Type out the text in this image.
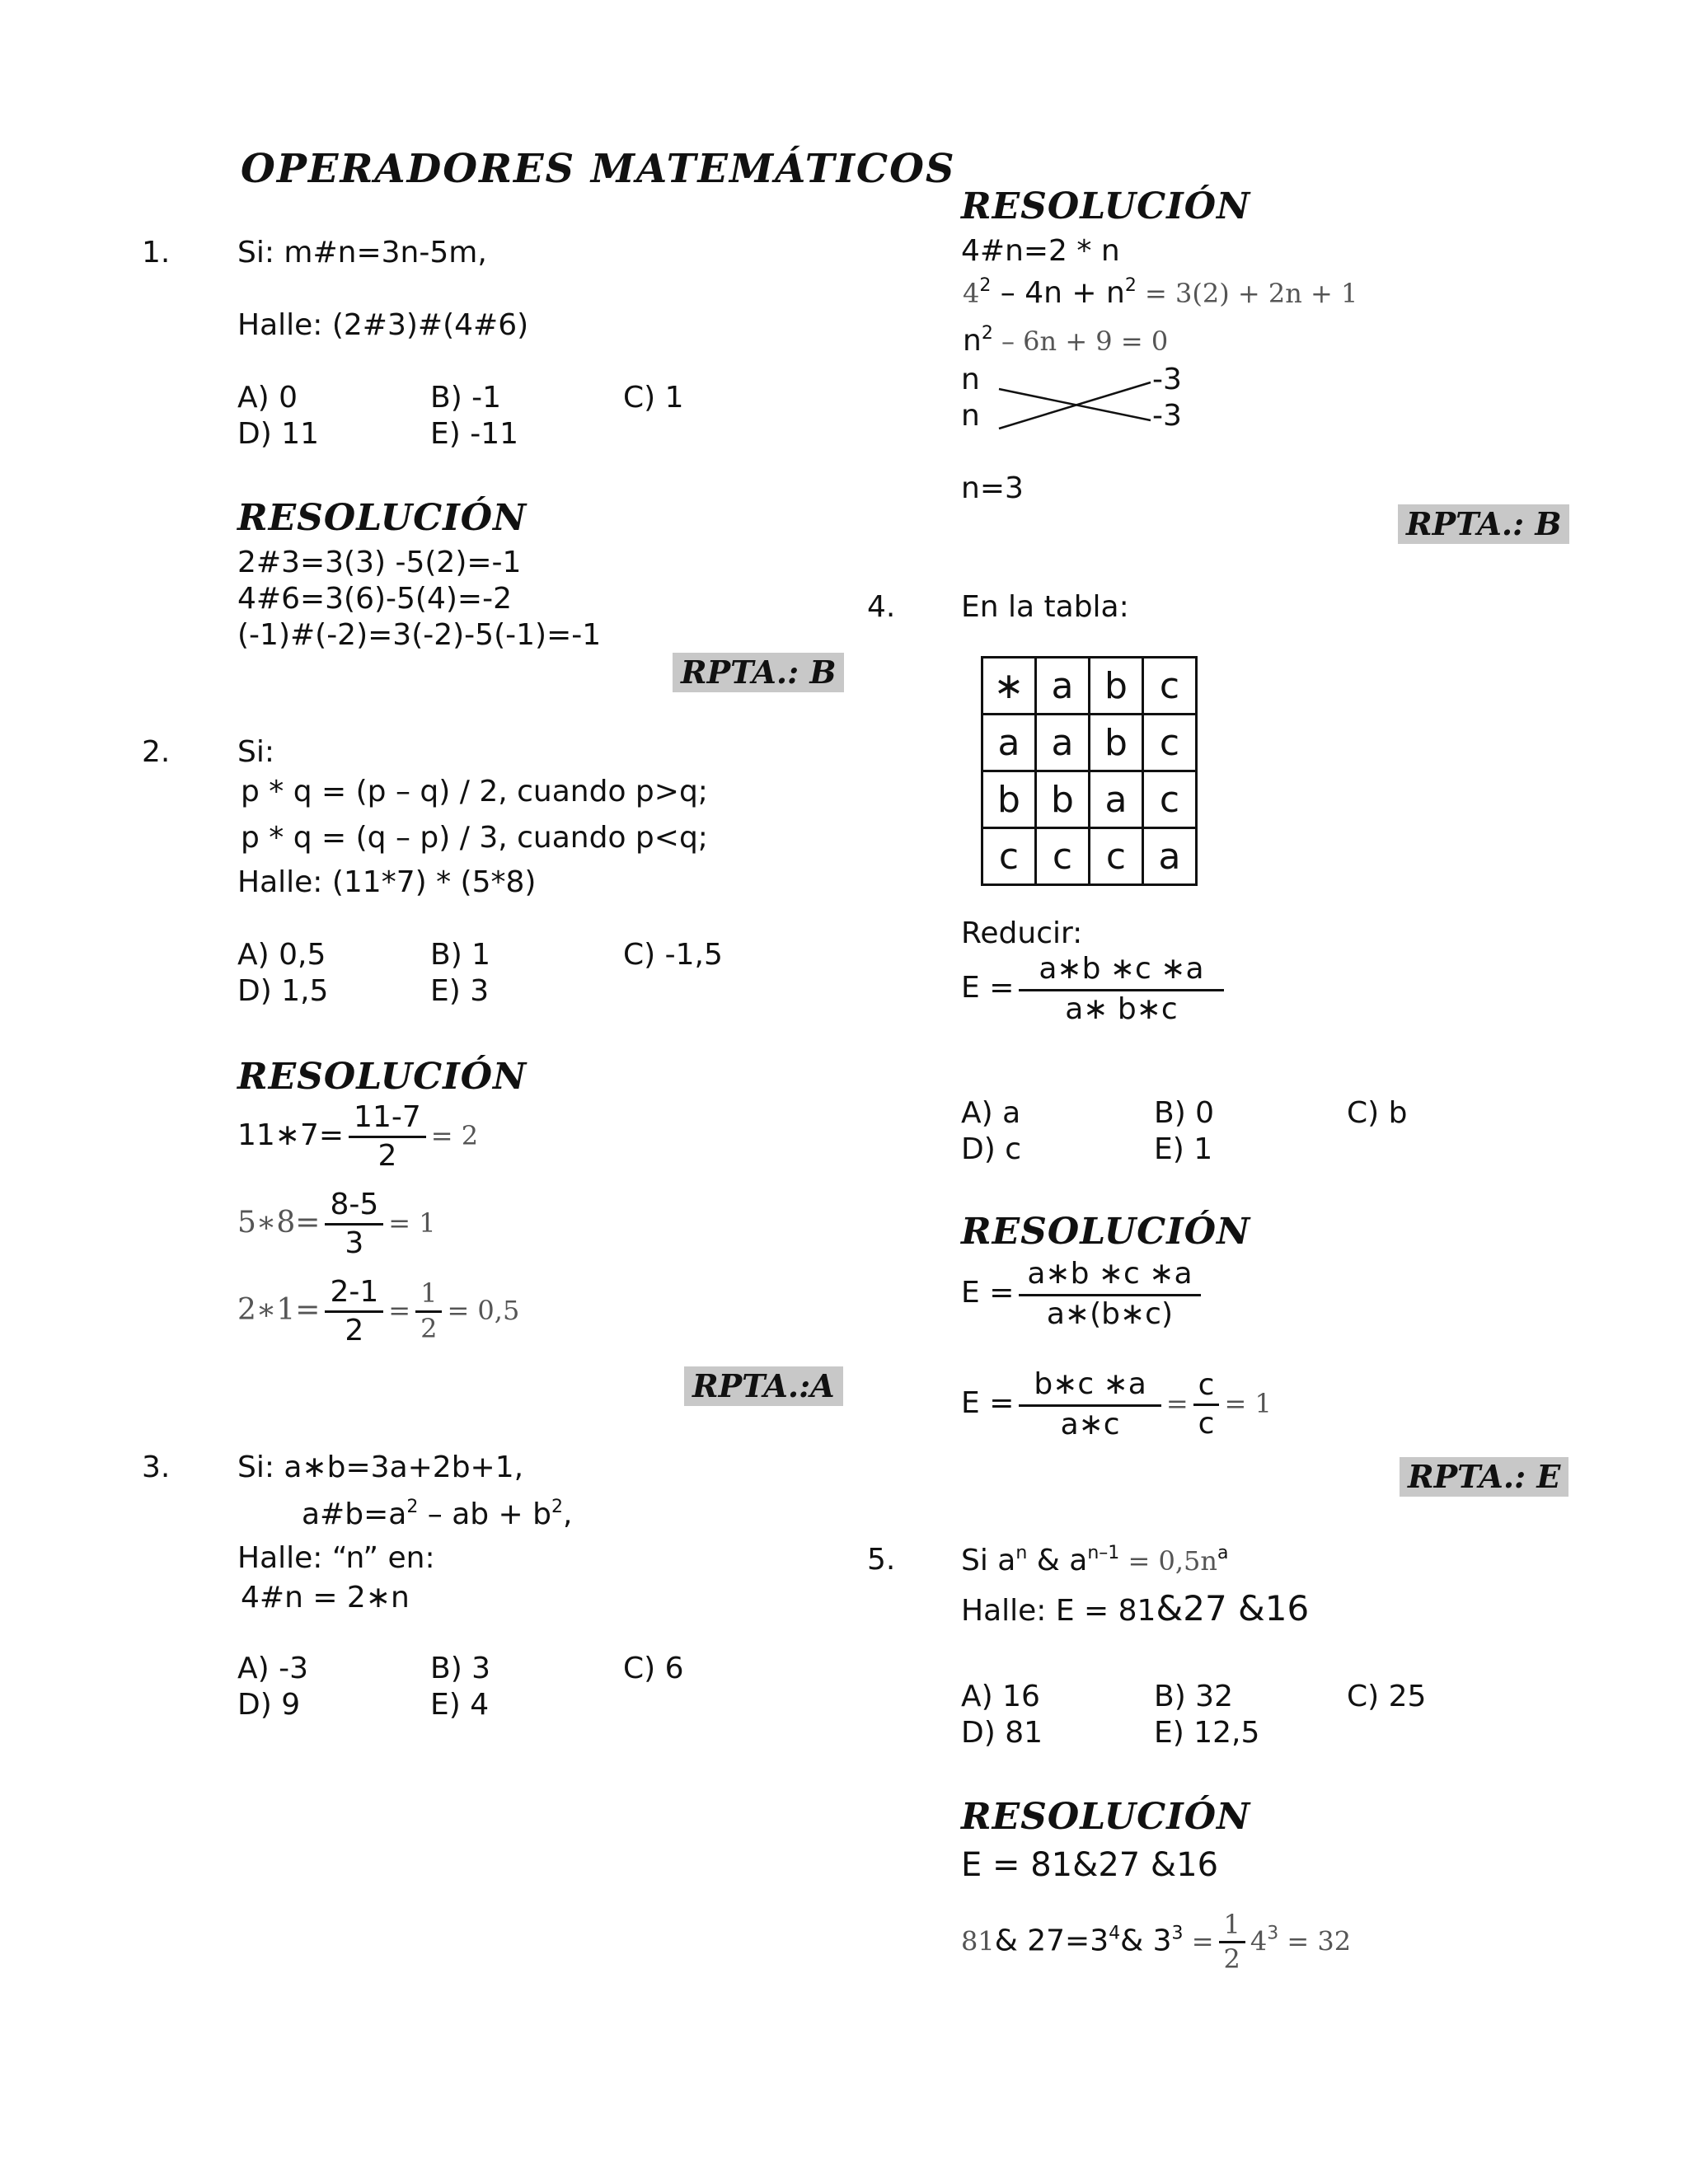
OPERADORES MATEMÁTICOS
1.	Si: m#n=3n-5m,
Halle: (2#3)#(4#6)
A) 0	B) -1	C) 1
D) 11	E) -11
RESOLUCIÓN
2#3=3(3) -5(2)=-1
4#6=3(6)-5(4)=-2
(-1)#(-2)=3(-2)-5(-1)=-1
RPTA.: B
2.	Si:
p * q = (p – q) / 2, cuando p>q;
p * q = (q – p) / 3, cuando p<q;
Halle: (11*7) * (5*8)
A) 0,5	B) 1	C) -1,5
D) 1,5	E) 3
RESOLUCIÓN
11∗7= $\frac{11-7}{2} = 2$
5∗8= $\frac{8-5}{3} = 1$
2∗1= $\frac{2-1}{2} = \frac{1}{2} = 0,5$
RPTA.:A
3.	Si: a∗b=3a+2b+1,
$a\#b=a^2$ – ab + $b^2$,
Halle: “n” en:
4#n = 2∗n
A) -3	B) 3	C) 6
D) 9	E) 4
RESOLUCIÓN
4#n=2 * n
$4^2 - 4n + n^2 = 3(2) + 2n + 1$
$n^2 - 6n + 9 = 0$
n	-3
n	-3
n=3
RPTA.: B
4.	En la tabla:
∗	a	b	c
a	a	b	c
b	b	a	c
c	c	c	a
Reducir:
$E = \frac{a∗b ∗c ∗a}{a∗ b∗c}$
A) a	B) 0	C) b
D) c	E) 1
RESOLUCIÓN
$E = \frac{a∗b ∗c ∗a}{a∗(b∗c)}$
$E = \frac{b∗c ∗a}{a∗c} = \frac{c}{c} = 1$
RPTA.: E
5.	Si $a^n$ & $a^{n-1} = 0,5n^a$
Halle: E = 81&27 &16
A) 16	B) 32	C) 25
D) 81	E) 12,5
RESOLUCIÓN
E = 81&27 &16
81& $27=3^4\&$ $3^3 = \frac{1}{2} 4^3 = 32$
